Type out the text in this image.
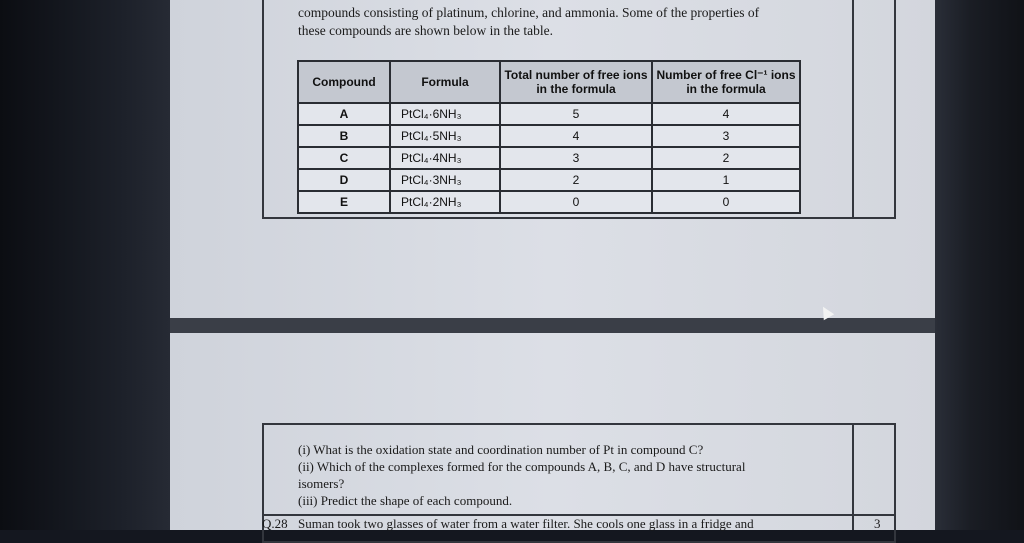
compounds consisting of platinum, chlorine, and ammonia. Some of the properties of
these compounds are shown below in the table.
Compound	Formula	Total number of free ions in the formula	Number of free Cl⁻¹ ions in the formula
A	PtCl₄·6NH₃	5	4
B	PtCl₄·5NH₃	4	3
C	PtCl₄·4NH₃	3	2
D	PtCl₄·3NH₃	2	1
E	PtCl₄·2NH₃	0	0
(i) What is the oxidation state and coordination number of Pt in compound C?
(ii) Which of the complexes formed for the compounds A, B, C, and D have structural
isomers?
(iii) Predict the shape of each compound.
Q.28 Suman took two glasses of water from a water filter. She cools one glass in a fridge and	3
